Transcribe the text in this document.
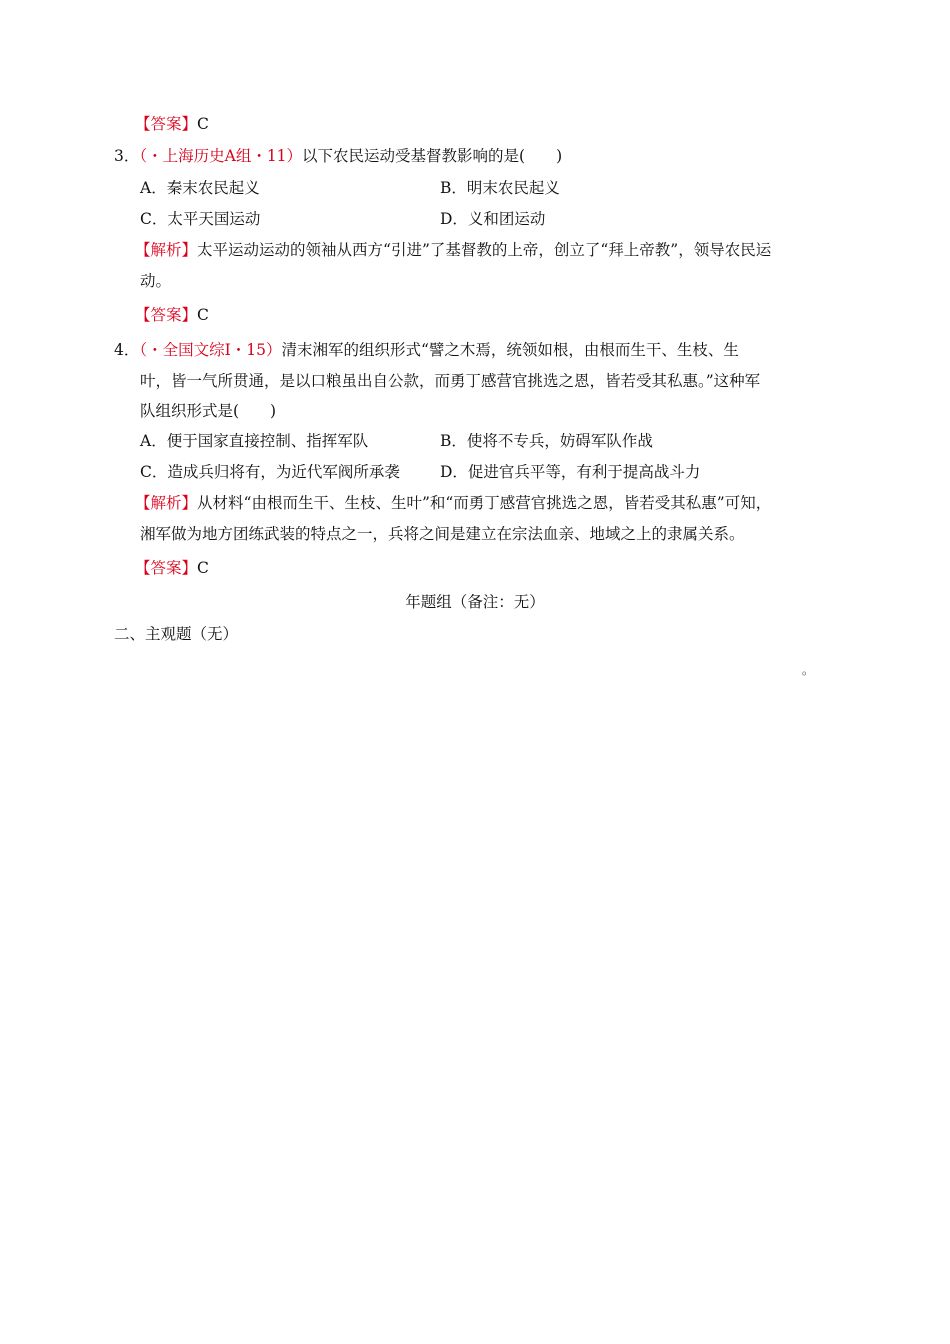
【答案】C
3．（・上海历史A组・11）以下农民运动受基督教影响的是(　　)
A．秦末农民起义	B．明末农民起义
C．太平天国运动	D．义和团运动
【解析】太平运动运动的领袖从西方“引进”了基督教的上帝，创立了“拜上帝教”，领导农民运
动。
【答案】C
4．（・全国文综Ⅰ・15）清末湘军的组织形式“譬之木焉，统领如根，由根而生干、生枝、生
叶，皆一气所贯通，是以口粮虽出自公款，而勇丁感营官挑选之恩，皆若受其私惠。”这种军
队组织形式是(　　)
A．便于国家直接控制、指挥军队	B．使将不专兵，妨碍军队作战
C．造成兵归将有，为近代军阀所承袭	D．促进官兵平等，有利于提高战斗力
【解析】从材料“由根而生干、生枝、生叶”和“而勇丁感营官挑选之恩，皆若受其私惠”可知，
湘军做为地方团练武装的特点之一，兵将之间是建立在宗法血亲、地域之上的隶属关系。
【答案】C
年题组（备注：无）
二、主观题（无）
。
